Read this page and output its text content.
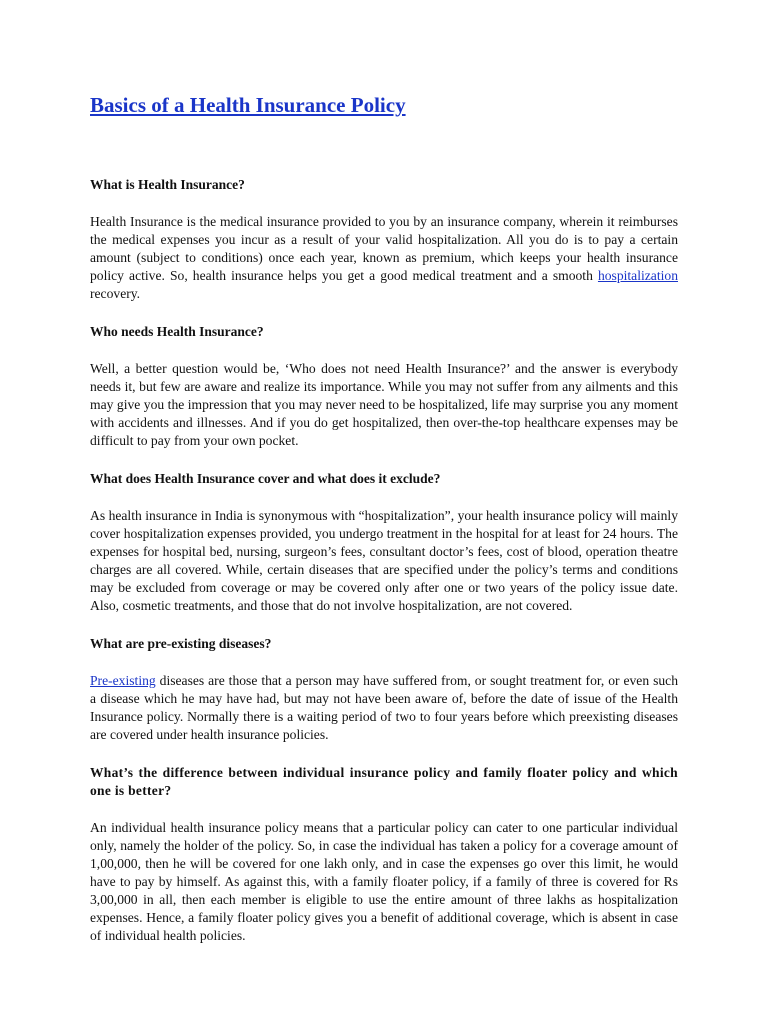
Basics of a Health Insurance Policy
What is Health Insurance?

Health Insurance is the medical insurance provided to you by an insurance company, wherein it reimburses the medical expenses you incur as a result of your valid hospitalization. All you do is to pay a certain amount (subject to conditions) once each year, known as premium, which keeps your health insurance policy active. So, health insurance helps you get a good medical treatment and a smooth hospitalization recovery.

Who needs Health Insurance?

Well, a better question would be, ‘Who does not need Health Insurance?’ and the answer is everybody needs it, but few are aware and realize its importance. While you may not suffer from any ailments and this may give you the impression that you may never need to be hospitalized, life may surprise you any moment with accidents and illnesses. And if you do get hospitalized, then over-the-top healthcare expenses may be difficult to pay from your own pocket.

What does Health Insurance cover and what does it exclude?

As health insurance in India is synonymous with “hospitalization”, your health insurance policy will mainly cover hospitalization expenses provided, you undergo treatment in the hospital for at least for 24 hours. The expenses for hospital bed, nursing, surgeon’s fees, consultant doctor’s fees, cost of blood, operation theatre charges are all covered. While, certain diseases that are specified under the policy’s terms and conditions may be excluded from coverage or may be covered only after one or two years of the policy issue date. Also, cosmetic treatments, and those that do not involve hospitalization, are not covered.

What are pre-existing diseases?

Pre-existing diseases are those that a person may have suffered from, or sought treatment for, or even such a disease which he may have had, but may not have been aware of, before the date of issue of the Health Insurance policy. Normally there is a waiting period of two to four years before which preexisting diseases are covered under health insurance policies.

What’s the difference between individual insurance policy and family floater policy and which one is better?

An individual health insurance policy means that a particular policy can cater to one particular individual only, namely the holder of the policy. So, in case the individual has taken a policy for a coverage amount of 1,00,000, then he will be covered for one lakh only, and in case the expenses go over this limit, he would have to pay by himself. As against this, with a family floater policy, if a family of three is covered for Rs 3,00,000 in all, then each member is eligible to use the entire amount of three lakhs as hospitalization expenses. Hence, a family floater policy gives you a benefit of additional coverage, which is absent in case of individual health policies.
